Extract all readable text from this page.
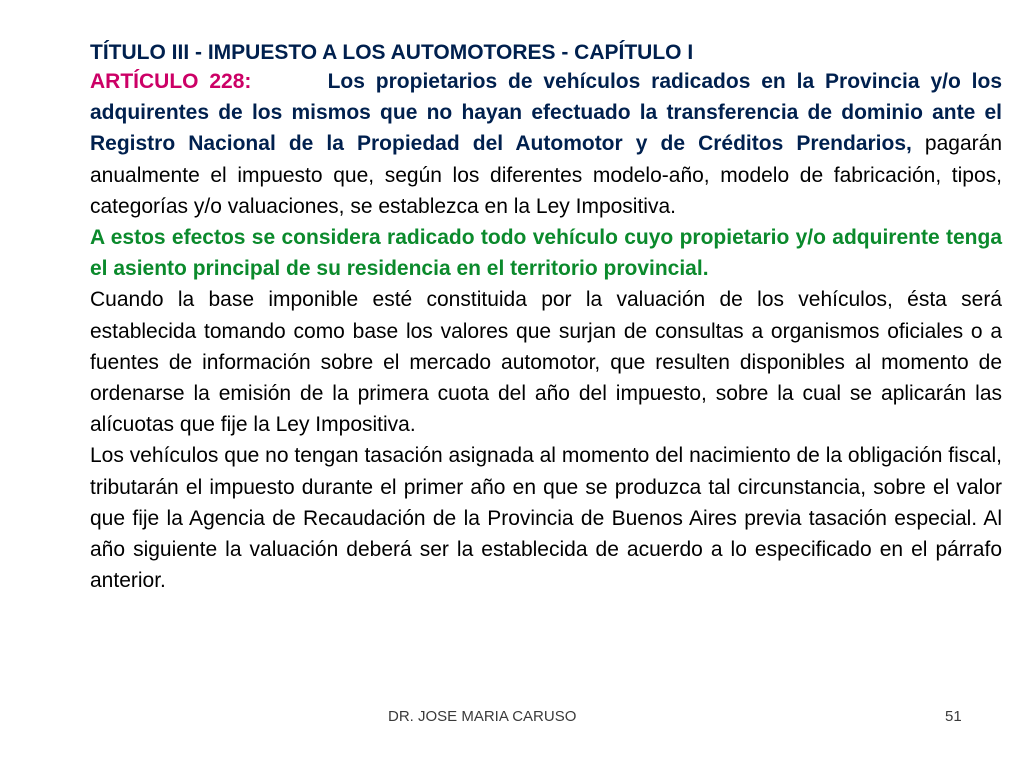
TÍTULO III - IMPUESTO A LOS AUTOMOTORES - CAPÍTULO I

ARTÍCULO 228:	Los propietarios de vehículos radicados en la Provincia y/o los adquirentes de los mismos que no hayan efectuado la transferencia de dominio ante el Registro Nacional de la Propiedad del Automotor y de Créditos Prendarios, pagarán anualmente el impuesto que, según los diferentes modelo-año, modelo de fabricación, tipos, categorías y/o valuaciones, se establezca en la Ley Impositiva.

A estos efectos se considera radicado todo vehículo cuyo propietario y/o adquirente tenga el asiento principal de su residencia en el territorio provincial.

Cuando la base imponible esté constituida por la valuación de los vehículos, ésta será establecida tomando como base los valores que surjan de consultas a organismos oficiales o a fuentes de información sobre el mercado automotor, que resulten disponibles al momento de ordenarse la emisión de la primera cuota del año del impuesto, sobre la cual se aplicarán las alícuotas que fije la Ley Impositiva.

Los vehículos que no tengan tasación asignada al momento del nacimiento de la obligación fiscal, tributarán el impuesto durante el primer año en que se produzca tal circunstancia, sobre el valor que fije la Agencia de Recaudación de la Provincia de Buenos Aires previa tasación especial. Al año siguiente la valuación deberá ser la establecida de acuerdo a lo especificado en el párrafo anterior.

DR. JOSE MARIA CARUSO	51
